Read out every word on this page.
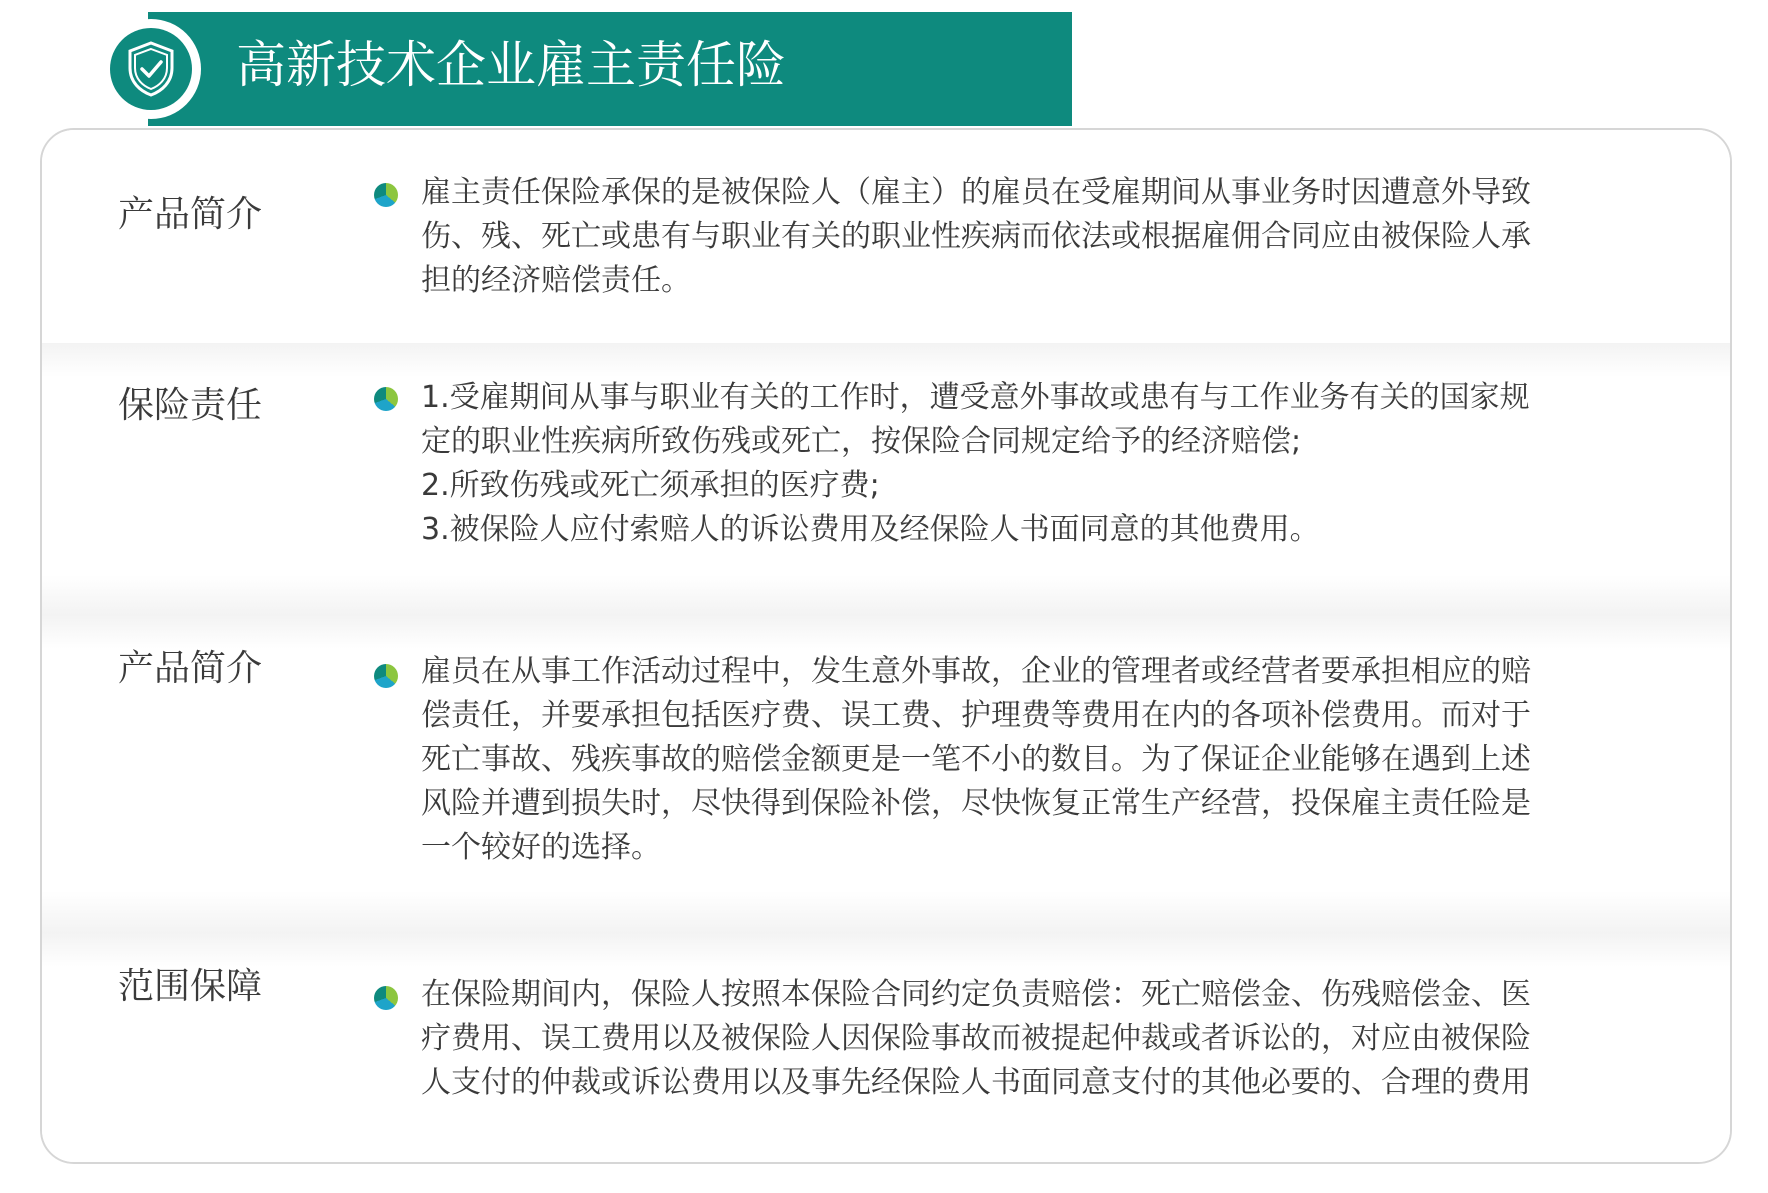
高新技术企业雇主责任险
产品简介

雇主责任保险承保的是被保险人（雇主）的雇员在受雇期间从事业务时因遭意外导致
伤、残、死亡或患有与职业有关的职业性疾病而依法或根据雇佣合同应由被保险人承
担的经济赔偿责任。

保险责任	1.受雇期间从事与职业有关的工作时，遭受意外事故或患有与工作业务有关的国家规
定的职业性疾病所致伤残或死亡，按保险合同规定给予的经济赔偿;
2.所致伤残或死亡须承担的医疗费;
3.被保险人应付索赔人的诉讼费用及经保险人书面同意的其他费用。

产品简介	雇员在从事工作活动过程中，发生意外事故，企业的管理者或经营者要承担相应的赔
偿责任，并要承担包括医疗费、误工费、护理费等费用在内的各项补偿费用。而对于
死亡事故、残疾事故的赔偿金额更是一笔不小的数目。为了保证企业能够在遇到上述
风险并遭到损失时，尽快得到保险补偿，尽快恢复正常生产经营，投保雇主责任险是
一个较好的选择。

范围保障	在保险期间内，保险人按照本保险合同约定负责赔偿：死亡赔偿金、伤残赔偿金、医
疗费用、误工费用以及被保险人因保险事故而被提起仲裁或者诉讼的，对应由被保险
人支付的仲裁或诉讼费用以及事先经保险人书面同意支付的其他必要的、合理的费用
